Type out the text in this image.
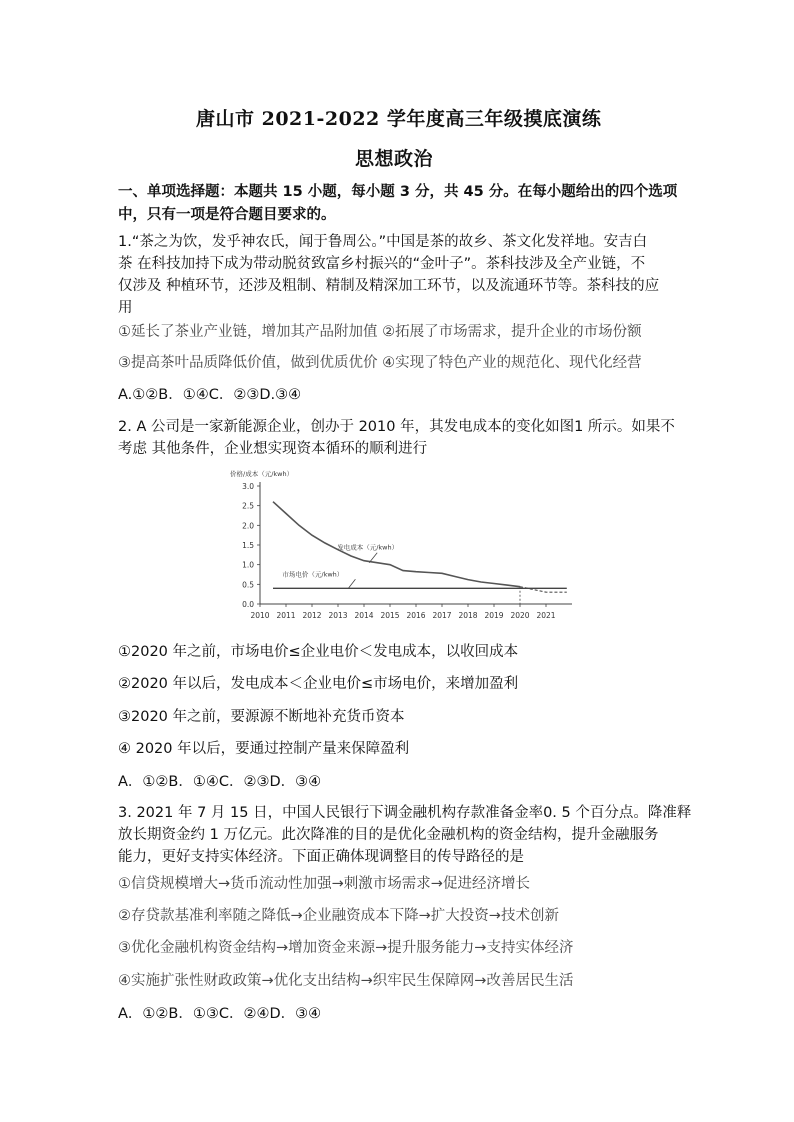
唐山市 2021-2022 学年度高三年级摸底演练
思想政治
一、单项选择题：本题共 15 小题，每小题 3 分，共 45 分。在每小题给出的四个选项
中，只有一项是符合题目要求的。
1.“茶之为饮，发乎神农氏，闻于鲁周公。”中国是茶的故乡、茶文化发祥地。安吉白
茶 在科技加持下成为带动脱贫致富乡村振兴的“金叶子”。茶科技涉及全产业链，不
仅涉及 种植环节，还涉及粗制、精制及精深加工环节，以及流通环节等。茶科技的应
用
①延长了茶业产业链，增加其产品附加值 ②拓展了市场需求，提升企业的市场份额
③提高茶叶品质降低价值，做到优质优价 ④实现了特色产业的规范化、现代化经营
A.①②B．①④C．②③D.③④
2. A 公司是一家新能源企业，创办于 2010 年，其发电成本的变化如图1 所示。如果不
考虑 其他条件，企业想实现资本循环的顺利进行
价格/成本（元/kwh）
0.0
0.5
1.0
1.5
2.0
2.5
3.0
2010 2011 2012 2013 2014 2015 2016 2017 2018 2019 2020 2021
发电成本（元/kwh）
市场电价（元/kwh）
①2020 年之前，市场电价≤企业电价＜发电成本，以收回成本
②2020 年以后，发电成本＜企业电价≤市场电价，来增加盈利
③2020 年之前，要源源不断地补充货币资本
④ 2020 年以后，要通过控制产量来保障盈利
A．①②B．①④C．②③D．③④
3. 2021 年 7 月 15 日，中国人民银行下调金融机构存款准备金率0. 5 个百分点。降准释
放长期资金约 1 万亿元。此次降准的目的是优化金融机构的资金结构，提升金融服务
能力，更好支持实体经济。下面正确体现调整目的传导路径的是
①信贷规模增大→货币流动性加强→刺激市场需求→促进经济增长
②存贷款基准利率随之降低→企业融资成本下降→扩大投资→技术创新
③优化金融机构资金结构→增加资金来源→提升服务能力→支持实体经济
④实施扩张性财政政策→优化支出结构→织牢民生保障网→改善居民生活
A．①②B．①③C．②④D．③④
